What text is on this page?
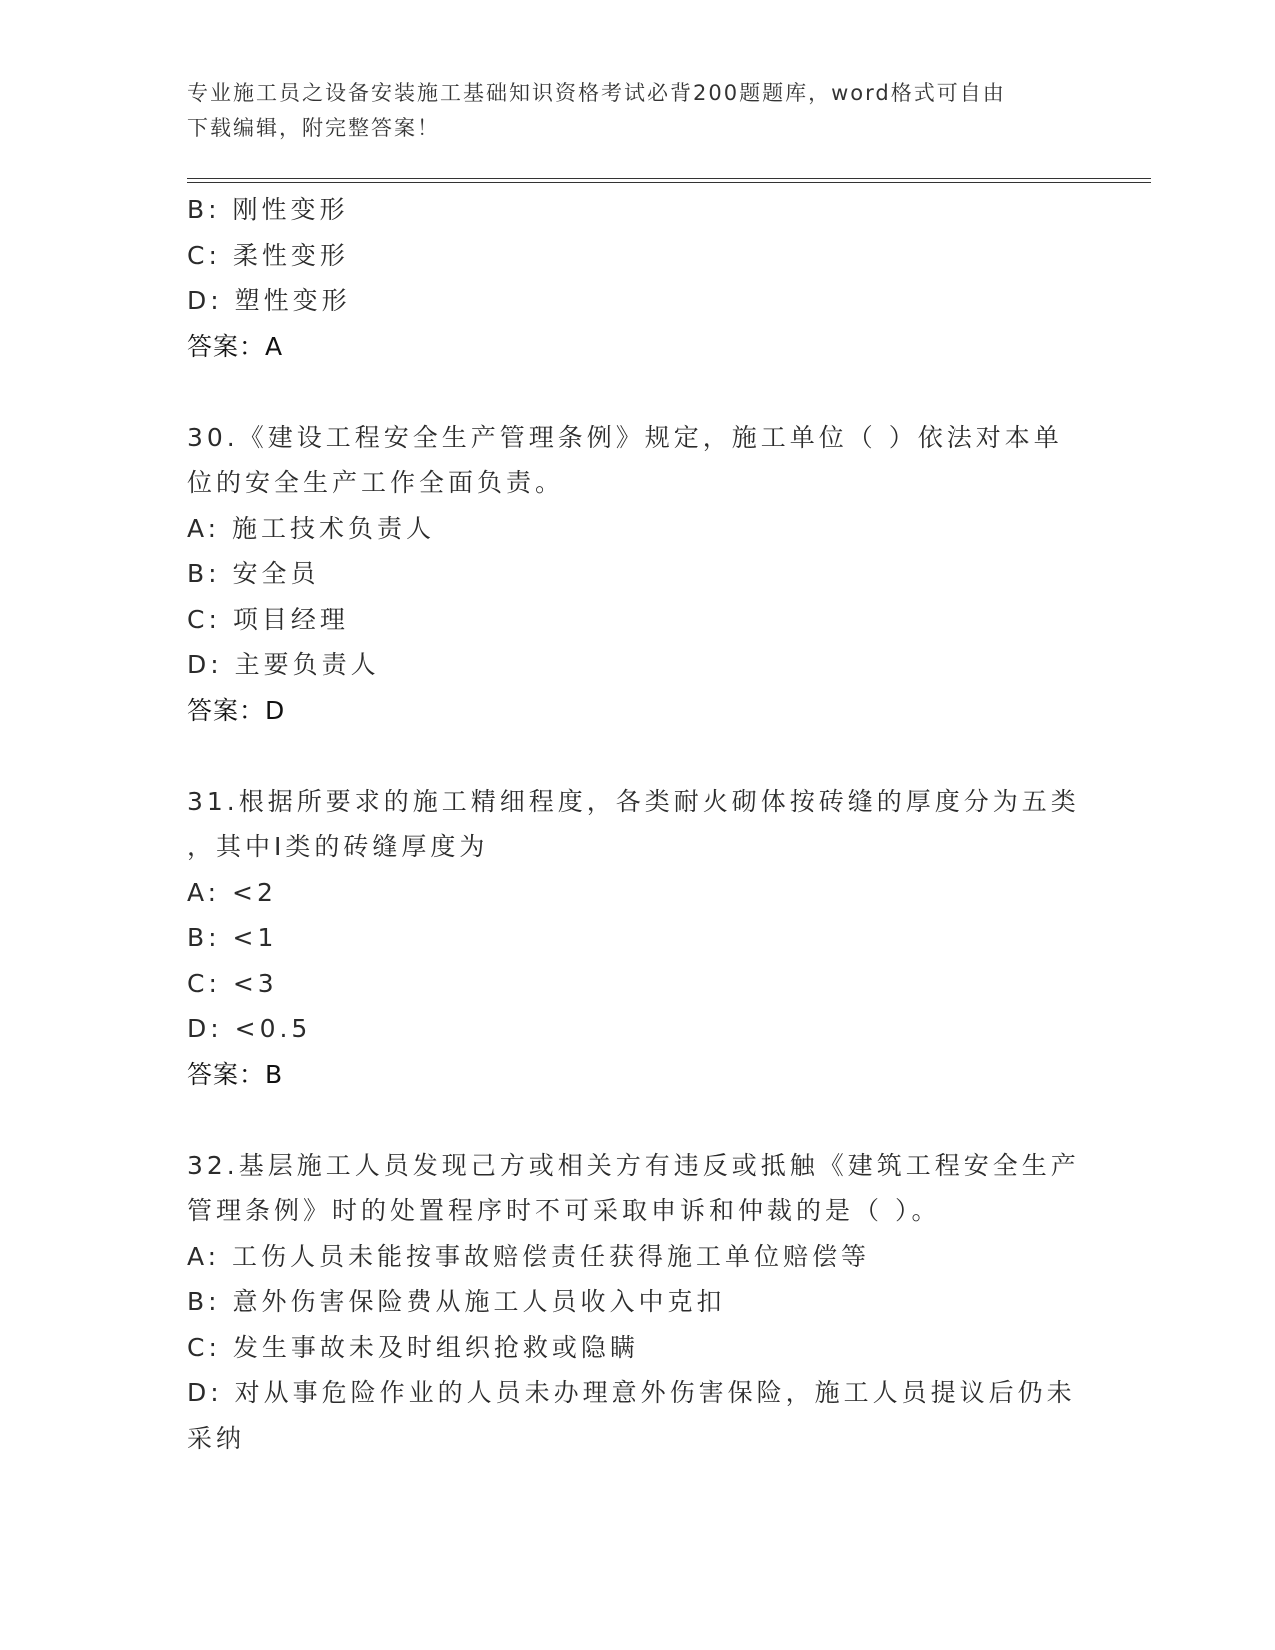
专业施工员之设备安装施工基础知识资格考试必背200题题库，word格式可自由
下载编辑，附完整答案！
B: 刚性变形
C: 柔性变形
D: 塑性变形
答案：A
30.《建设工程安全生产管理条例》规定，施工单位（ ）依法对本单
位的安全生产工作全面负责。
A: 施工技术负责人
B: 安全员
C: 项目经理
D: 主要负责人
答案：D
31.根据所要求的施工精细程度，各类耐火砌体按砖缝的厚度分为五类
，其中Ⅰ类的砖缝厚度为
A: <2
B: <1
C: <3
D: <0.5
答案：B
32.基层施工人员发现己方或相关方有违反或抵触《建筑工程安全生产
管理条例》时的处置程序时不可采取申诉和仲裁的是（ ）。
A: 工伤人员未能按事故赔偿责任获得施工单位赔偿等
B: 意外伤害保险费从施工人员收入中克扣
C: 发生事故未及时组织抢救或隐瞒
D: 对从事危险作业的人员未办理意外伤害保险，施工人员提议后仍未
采纳
